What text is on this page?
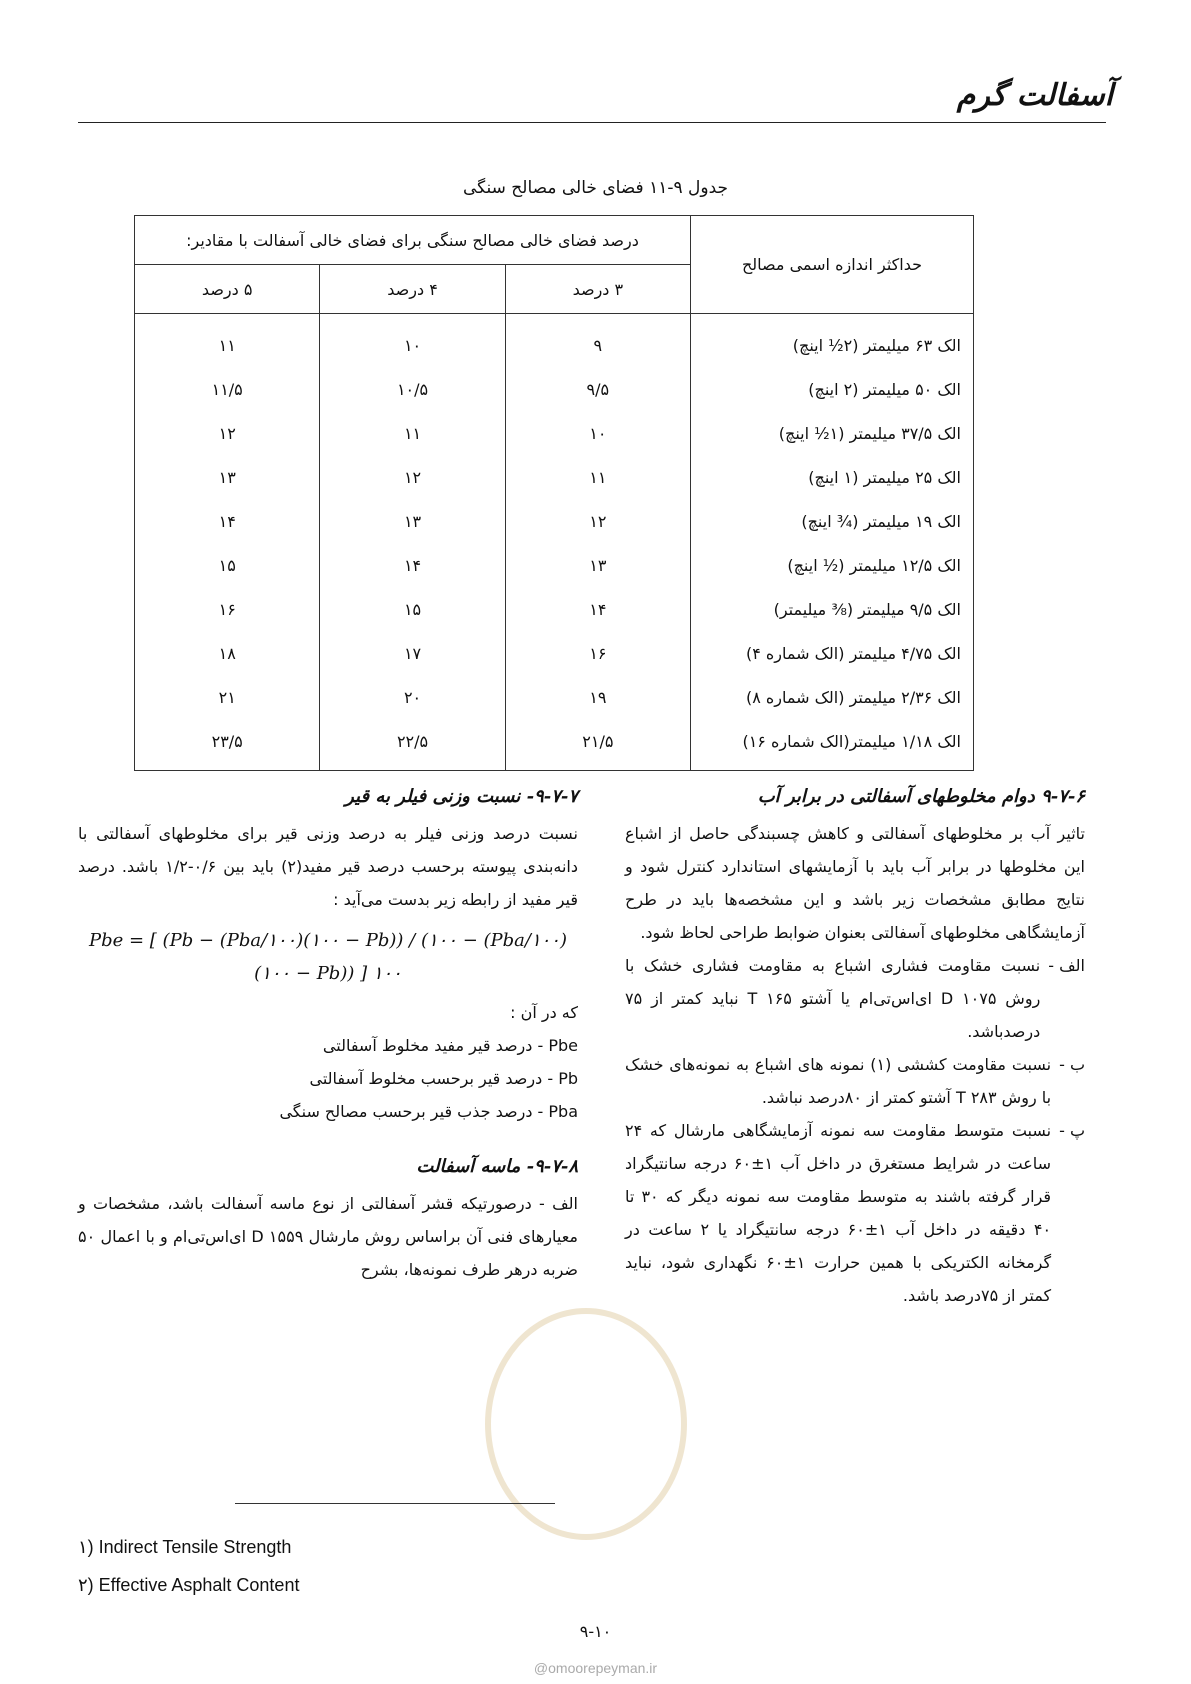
آسفالت گرم
جدول ۹-۱۱ فضای خالی مصالح سنگی
حداکثر اندازه اسمی مصالح	درصد فضای خالی مصالح سنگی برای فضای خالی آسفالت با مقادیر:		
	۳ درصد	۴ درصد	۵ درصد
الک ۶۳ میلیمتر (۲½ اینچ)	۹	۱۰	۱۱
الک ۵۰ میلیمتر (۲ اینچ)	۹/۵	۱۰/۵	۱۱/۵
الک ۳۷/۵ میلیمتر (۱½ اینچ)	۱۰	۱۱	۱۲
الک ۲۵ میلیمتر (۱ اینچ)	۱۱	۱۲	۱۳
الک ۱۹ میلیمتر (¾ اینچ)	۱۲	۱۳	۱۴
الک ۱۲/۵ میلیمتر (½ اینچ)	۱۳	۱۴	۱۵
الک ۹/۵ میلیمتر (⅜ میلیمتر)	۱۴	۱۵	۱۶
الک ۴/۷۵ میلیمتر (الک شماره ۴)	۱۶	۱۷	۱۸
الک ۲/۳۶ میلیمتر (الک شماره ۸)	۱۹	۲۰	۲۱
الک ۱/۱۸ میلیمتر(الک شماره ۱۶)	۲۱/۵	۲۲/۵	۲۳/۵

۹-۷-۶ دوام مخلوطهای آسفالتی در برابر آب

تاثیر آب بر مخلوطهای آسفالتی و کاهش چسبندگی حاصل از اشباع این مخلوطها در برابر آب باید با آزمایشهای استاندارد کنترل شود و نتایج مطابق مشخصات زیر باشد و این مشخصه‌ها باید در طرح آزمایشگاهی مخلوطهای آسفالتی بعنوان ضوابط طراحی لحاظ شود.

الف -
نسبت مقاومت فشاری اشباع به مقاومت فشاری خشک با روش D ۱۰۷۵ ای‌اس‌تی‌ام یا آشتو T ۱۶۵ نباید کمتر از ۷۵ درصدباشد.
ب -
نسبت مقاومت کششی (۱) نمونه های اشباع به نمونه‌های خشک با روش T ۲۸۳ آشتو کمتر از ۸۰درصد نباشد.
پ -
نسبت متوسط مقاومت سه نمونه آزمایشگاهی مارشال که ۲۴ ساعت در شرایط مستغرق در داخل آب ۱±۶۰ درجه سانتیگراد قرار گرفته باشند به متوسط مقاومت سه نمونه دیگر که ۳۰ تا ۴۰ دقیقه در داخل آب ۱±۶۰ درجه سانتیگراد یا ۲ ساعت در گرمخانه الکتریکی با همین حرارت ۱±۶۰ نگهداری شود، نباید کمتر از ۷۵درصد باشد.

۹-۷-۷- نسبت وزنی فیلر به قیر

نسبت درصد وزنی فیلر به درصد وزنی قیر برای مخلوطهای آسفالتی با دانه‌بندی پیوسته برحسب درصد قیر مفید(۲) باید بین ۰/۶-۱/۲ باشد. درصد قیر مفید از رابطه زیر بدست می‌آید :

Pbe = [ (Pb − (Pba/۱۰۰)(۱۰۰ − Pb)) / (۱۰۰ − (Pba/۱۰۰)(۱۰۰ − Pb)) ] ۱۰۰

که در آن :

Pbe - درصد قیر مفید مخلوط آسفالتی

Pb - درصد قیر برحسب مخلوط آسفالتی

Pba - درصد جذب قیر برحسب مصالح سنگی

۹-۷-۸- ماسه آسفالت

الف - درصورتیکه قشر آسفالتی از نوع ماسه آسفالت باشد، مشخصات و معیارهای فنی آن براساس روش مارشال D ۱۵۵۹ ای‌اس‌تی‌ام و با اعمال ۵۰ ضربه درهر طرف نمونه‌ها، بشرح

۱) Indirect Tensile Strength
۲) Effective Asphalt Content
۹-۱۰
@omoorepeyman.ir
